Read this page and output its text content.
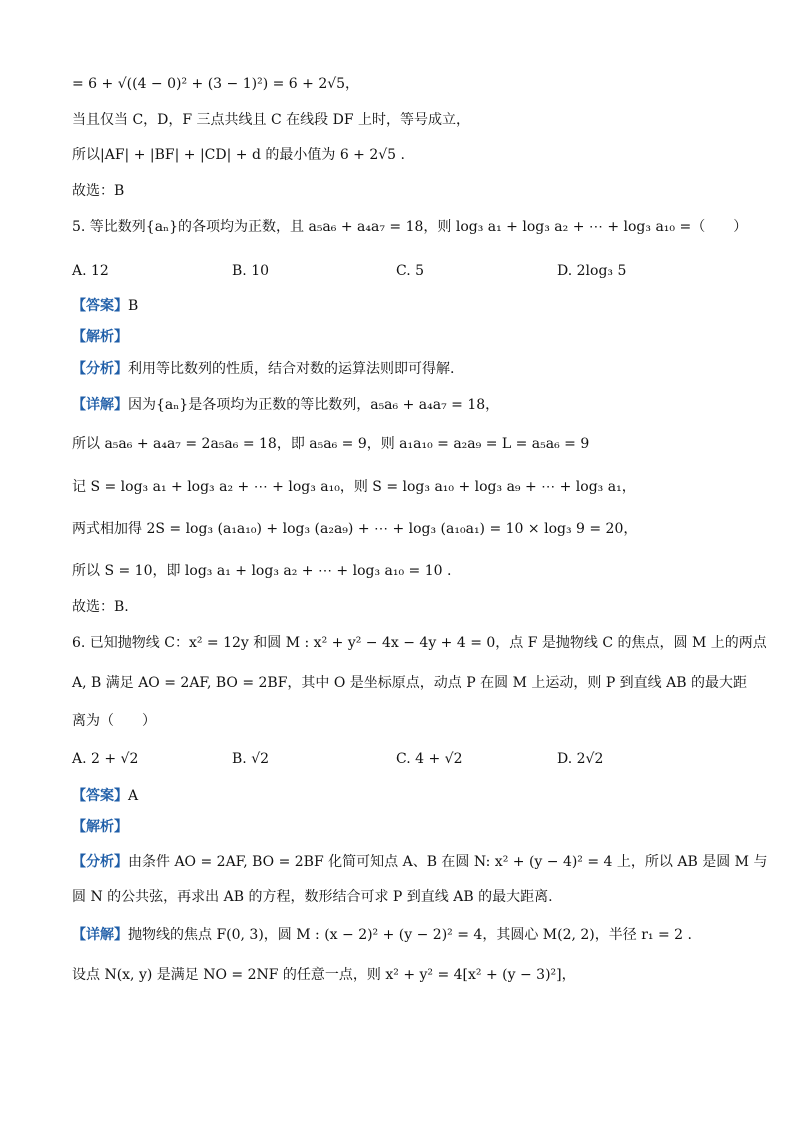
= 6 + √((4 − 0)² + (3 − 1)²) = 6 + 2√5，
当且仅当 C，D，F 三点共线且 C 在线段 DF 上时，等号成立，
所以|AF| + |BF| + |CD| + d 的最小值为 6 + 2√5 .
故选：B
5. 等比数列{aₙ}的各项均为正数，且 a₅a₆ + a₄a₇ = 18，则 log₃ a₁ + log₃ a₂ + ⋯ + log₃ a₁₀ =（　　）
A. 12	B. 10	C. 5	D. 2log₃ 5
【答案】B
【解析】
【分析】利用等比数列的性质，结合对数的运算法则即可得解.
【详解】因为{aₙ}是各项均为正数的等比数列，a₅a₆ + a₄a₇ = 18，
所以 a₅a₆ + a₄a₇ = 2a₅a₆ = 18，即 a₅a₆ = 9，则 a₁a₁₀ = a₂a₉ = L = a₅a₆ = 9
记 S = log₃ a₁ + log₃ a₂ + ⋯ + log₃ a₁₀，则 S = log₃ a₁₀ + log₃ a₉ + ⋯ + log₃ a₁，
两式相加得 2S = log₃ (a₁a₁₀) + log₃ (a₂a₉) + ⋯ + log₃ (a₁₀a₁) = 10 × log₃ 9 = 20，
所以 S = 10，即 log₃ a₁ + log₃ a₂ + ⋯ + log₃ a₁₀ = 10 .
故选：B.
6. 已知抛物线 C：x² = 12y 和圆 M : x² + y² − 4x − 4y + 4 = 0，点 F 是抛物线 C 的焦点，圆 M 上的两点
A, B 满足 AO = 2AF, BO = 2BF，其中 O 是坐标原点，动点 P 在圆 M 上运动，则 P 到直线 AB 的最大距
离为（　　）
A. 2 + √2	B. √2	C. 4 + √2	D. 2√2
【答案】A
【解析】
【分析】由条件 AO = 2AF, BO = 2BF 化简可知点 A、B 在圆 N: x² + (y − 4)² = 4 上，所以 AB 是圆 M 与
圆 N 的公共弦，再求出 AB 的方程，数形结合可求 P 到直线 AB 的最大距离.
【详解】抛物线的焦点 F(0, 3)，圆 M : (x − 2)² + (y − 2)² = 4，其圆心 M(2, 2)，半径 r₁ = 2 .
设点 N(x, y) 是满足 NO = 2NF 的任意一点，则 x² + y² = 4[x² + (y − 3)²]，
